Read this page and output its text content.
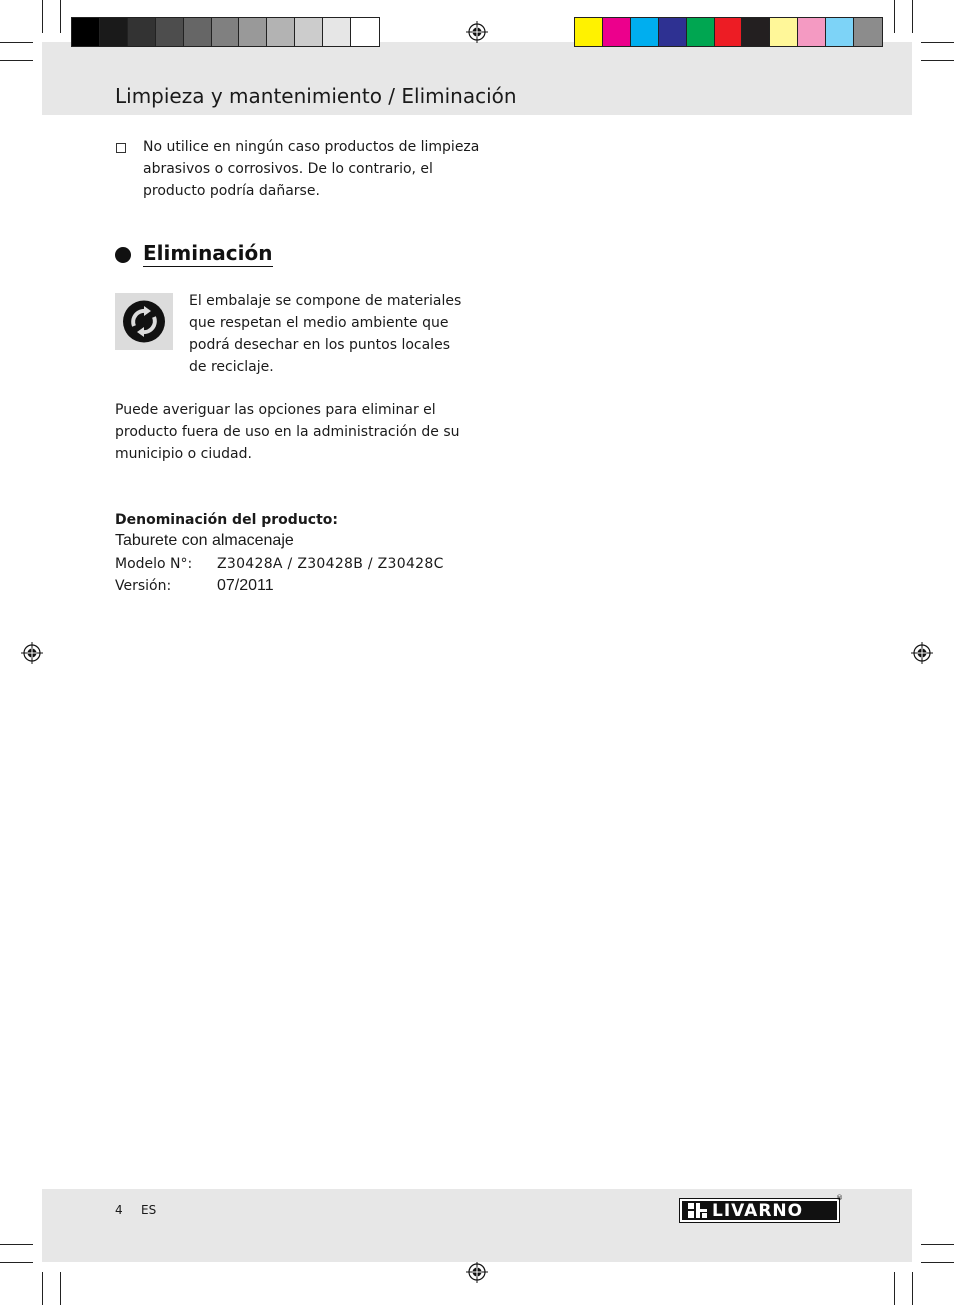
Limpieza y mantenimiento / Eliminación
No utilice en ningún caso productos de limpieza
abrasivos o corrosivos. De lo contrario, el
producto podría dañarse.
Eliminación
El embalaje se compone de materiales
que respetan el medio ambiente que
podrá desechar en los puntos locales
de reciclaje.
Puede averiguar las opciones para eliminar el
producto fuera de uso en la administración de su
municipio o ciudad.
Denominación del producto:
Taburete con almacenaje
Modelo N°: Z30428A / Z30428B / Z30428C
Versión:	07/2011
4 ES	LIVARNO
®
